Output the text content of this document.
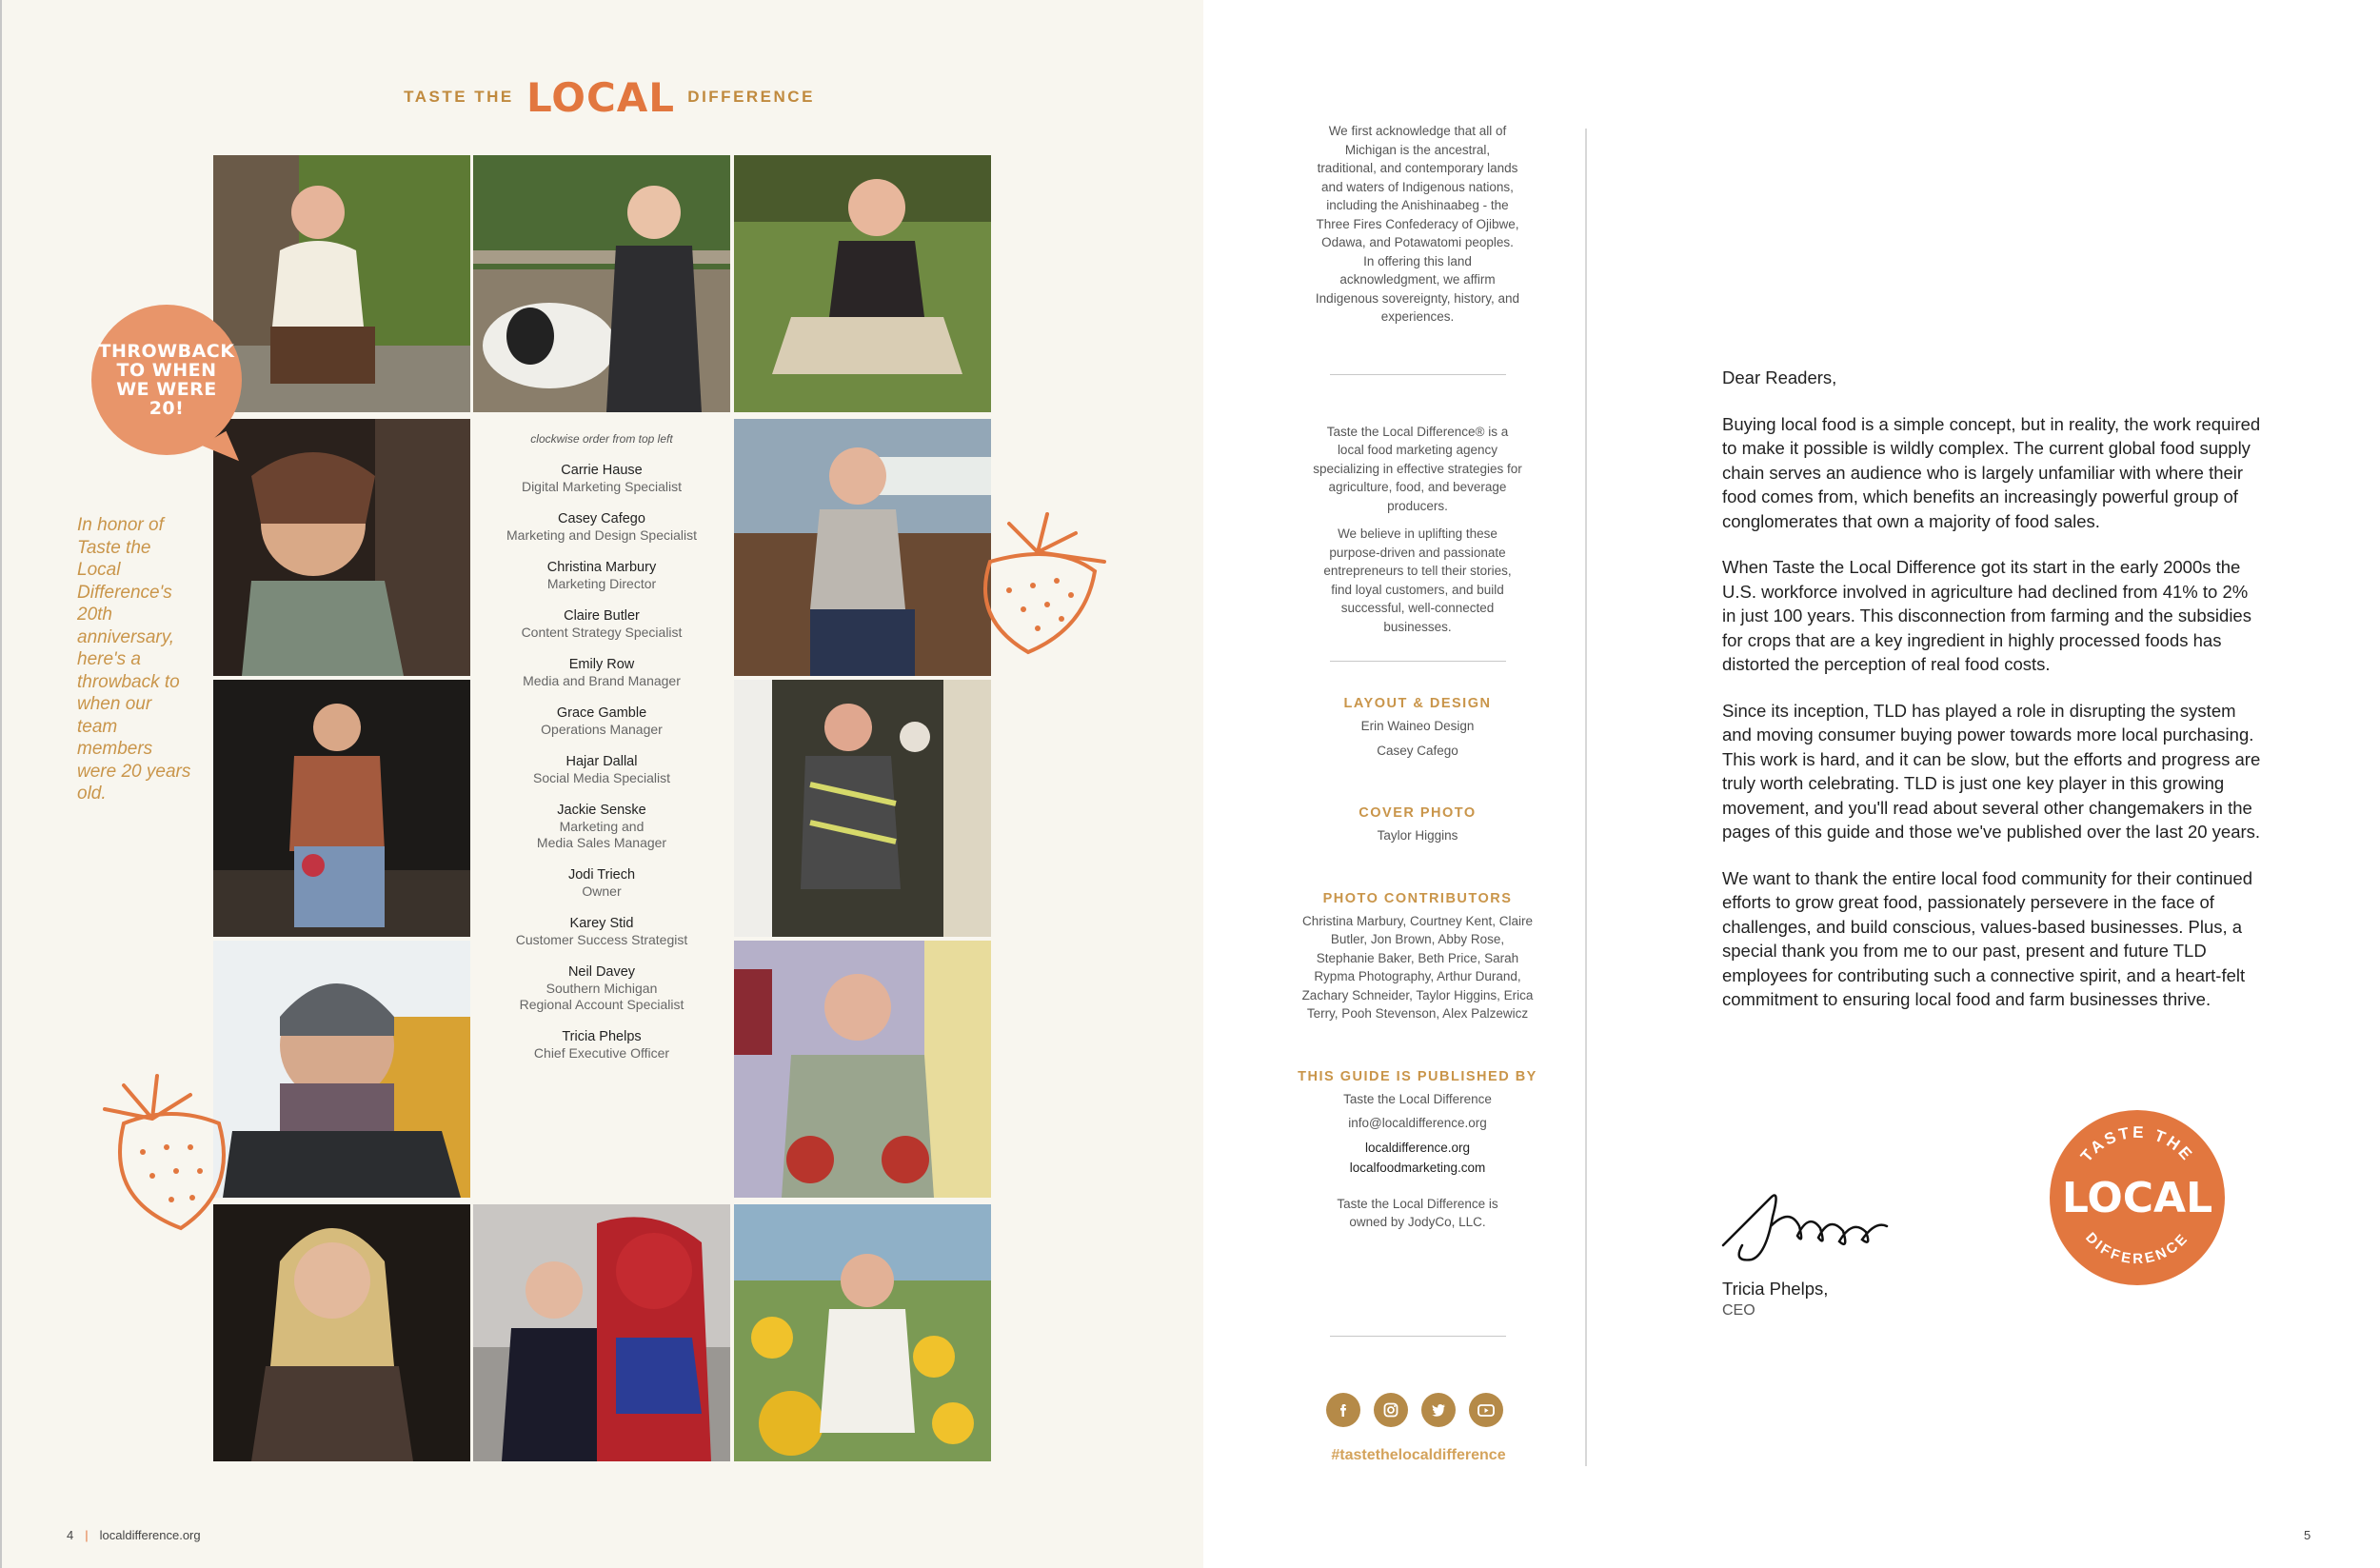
TASTE THE LOCAL DIFFERENCE
clockwise order from top left
Carrie Hause
Digital Marketing Specialist
Casey Cafego
Marketing and Design Specialist
Christina Marbury
Marketing Director
Claire Butler
Content Strategy Specialist
Emily Row
Media and Brand Manager
Grace Gamble
Operations Manager
Hajar Dallal
Social Media Specialist
Jackie Senske
Marketing and
Media Sales Manager
Jodi Triech
Owner
Karey Stid
Customer Success Strategist
Neil Davey
Southern Michigan
Regional Account Specialist
Tricia Phelps
Chief Executive Officer
THROWBACK
TO WHEN
WE WERE
20!
In honor of Taste the Local Difference's 20th anniversary, here's a throwback to when our team members were 20 years old.
4 | localdifference.org
We first acknowledge that all of Michigan is the ancestral, traditional, and contemporary lands and waters of Indigenous nations, including the Anishinaabeg - the Three Fires Confederacy of Ojibwe, Odawa, and Potawatomi peoples. In offering this land acknowledgment, we affirm Indigenous sovereignty, history, and experiences.
Taste the Local Difference® is a local food marketing agency specializing in effective strategies for agriculture, food, and beverage producers.
We believe in uplifting these purpose-driven and passionate entrepreneurs to tell their stories, find loyal customers, and build successful, well-connected businesses.
LAYOUT & DESIGN
Erin Waineo Design
Casey Cafego
COVER PHOTO
Taylor Higgins
PHOTO CONTRIBUTORS
Christina Marbury, Courtney Kent, Claire Butler, Jon Brown, Abby Rose, Stephanie Baker, Beth Price, Sarah Rypma Photography, Arthur Durand, Zachary Schneider, Taylor Higgins, Erica Terry, Pooh Stevenson, Alex Palzewicz
THIS GUIDE IS PUBLISHED BY
Taste the Local Difference
info@localdifference.org
localdifference.org
localfoodmarketing.com
Taste the Local Difference is owned by JodyCo, LLC.
#tastethelocaldifference

Dear Readers,

Buying local food is a simple concept, but in reality, the work required to make it possible is wildly complex. The current global food supply chain serves an audience who is largely unfamiliar with where their food comes from, which benefits an increasingly powerful group of conglomerates that own a majority of food sales.

When Taste the Local Difference got its start in the early 2000s the U.S. workforce involved in agriculture had declined from 41% to 2% in just 100 years. This disconnection from farming and the subsidies for crops that are a key ingredient in highly processed foods has distorted the perception of real food costs.

Since its inception, TLD has played a role in disrupting the system and moving consumer buying power towards more local purchasing. This work is hard, and it can be slow, but the efforts and progress are truly worth celebrating. TLD is just one key player in this growing movement, and you'll read about several other changemakers in the pages of this guide and those we've published over the last 20 years.

We want to thank the entire local food community for their continued efforts to grow great food, passionately persevere in the face of challenges, and build conscious, values-based businesses. Plus, a special thank you from me to our past, present and future TLD employees for contributing such a connective spirit, and a heart-felt commitment to ensuring local food and farm businesses thrive.

Tricia Phelps,
CEO
TASTE THE
LOCAL
DIFFERENCE
5
